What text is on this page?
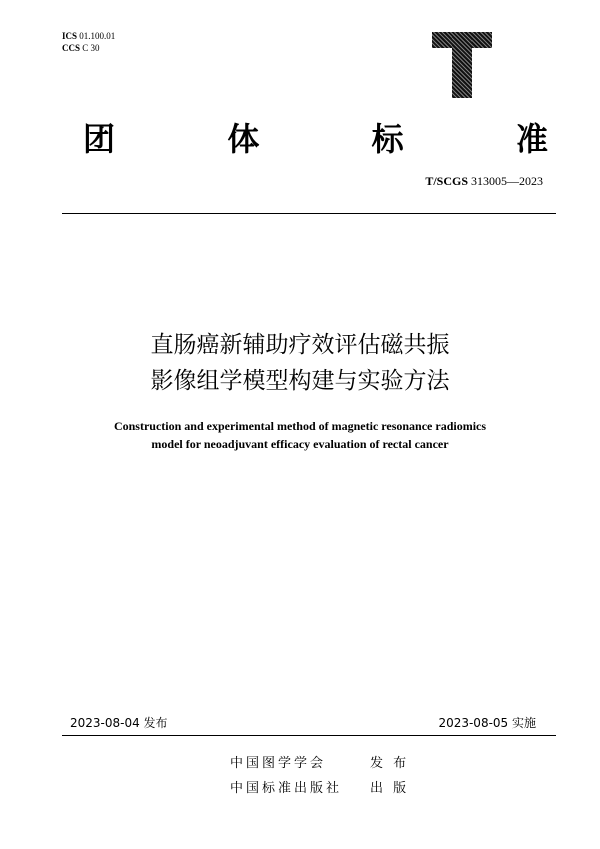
ICS 01.100.01
CCS C 30
团	体	标	准
T/SCGS 313005—2023
直肠癌新辅助疗效评估磁共振
影像组学模型构建与实验方法
Construction and experimental method of magnetic resonance radiomics
model for neoadjuvant efficacy evaluation of rectal cancer
2023-08-04 发布	2023-08-05 实施
中国图学学会	发 布
中国标准出版社 出 版
